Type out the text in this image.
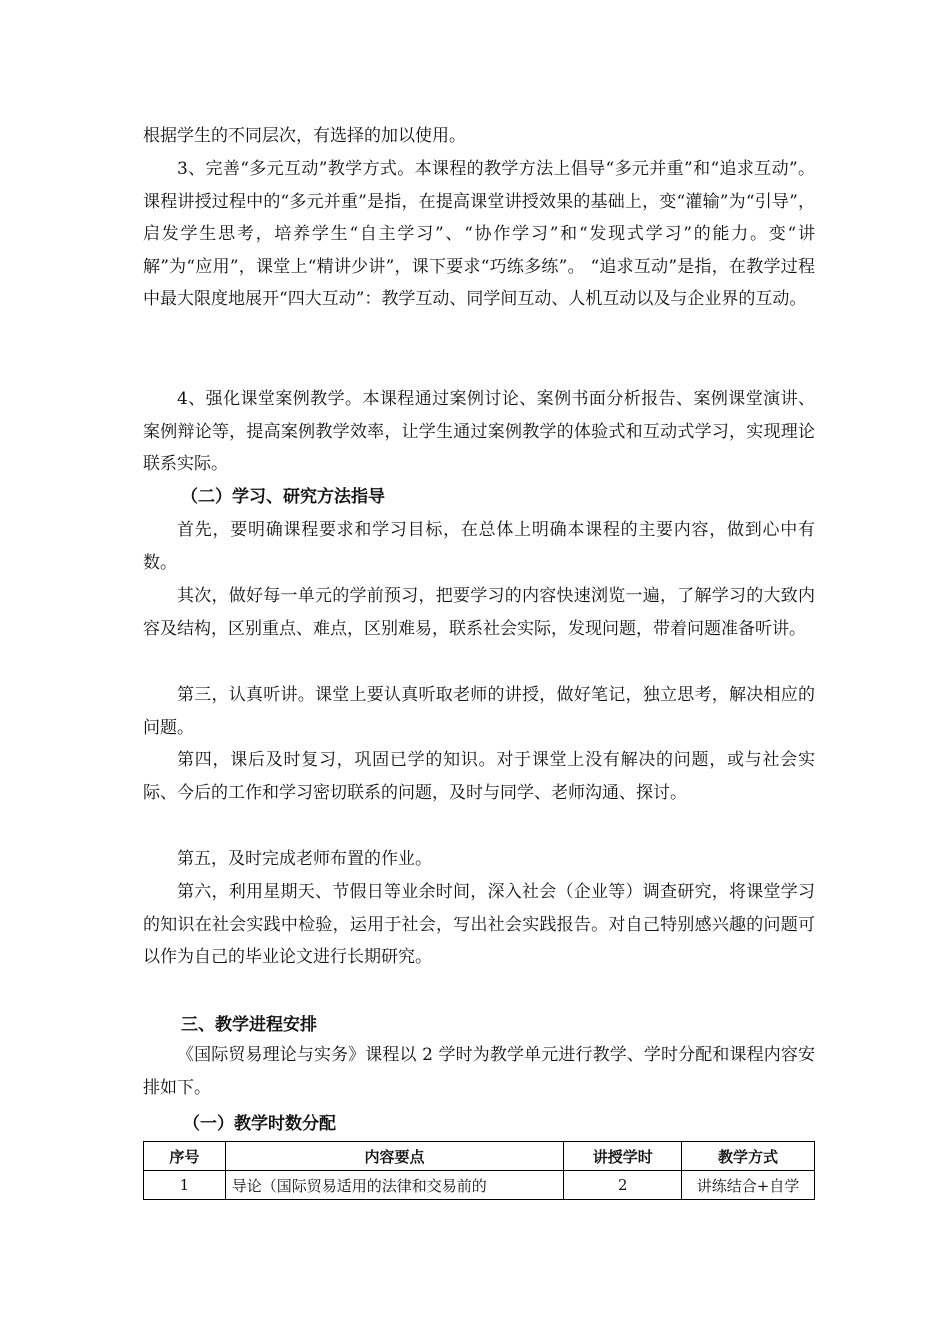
根据学生的不同层次，有选择的加以使用。

3、完善“多元互动”教学方式。本课程的教学方法上倡导“多元并重”和“追求互动”。课程讲授过程中的“多元并重”是指，在提高课堂讲授效果的基础上，变“灌输”为“引导”，启发学生思考，培养学生“自主学习”、“协作学习”和“发现式学习”的能力。变“讲解”为“应用”，课堂上“精讲少讲”，课下要求“巧练多练”。 “追求互动”是指，在教学过程中最大限度地展开“四大互动”：教学互动、同学间互动、人机互动以及与企业界的互动。

4、强化课堂案例教学。本课程通过案例讨论、案例书面分析报告、案例课堂演讲、案例辩论等，提高案例教学效率，让学生通过案例教学的体验式和互动式学习，实现理论联系实际。

（二）学习、研究方法指导

首先，要明确课程要求和学习目标，在总体上明确本课程的主要内容，做到心中有数。

其次，做好每一单元的学前预习，把要学习的内容快速浏览一遍，了解学习的大致内容及结构，区别重点、难点，区别难易，联系社会实际，发现问题，带着问题准备听讲。

第三，认真听讲。课堂上要认真听取老师的讲授，做好笔记，独立思考，解决相应的问题。

第四，课后及时复习，巩固已学的知识。对于课堂上没有解决的问题，或与社会实际、今后的工作和学习密切联系的问题，及时与同学、老师沟通、探讨。

第五，及时完成老师布置的作业。

第六，利用星期天、节假日等业余时间，深入社会（企业等）调查研究，将课堂学习的知识在社会实践中检验，运用于社会，写出社会实践报告。对自己特别感兴趣的问题可以作为自己的毕业论文进行长期研究。

三、教学进程安排

《国际贸易理论与实务》课程以 2 学时为教学单元进行教学、学时分配和课程内容安排如下。

（一）教学时数分配
序号	内容要点	讲授学时	教学方式
1	导论（国际贸易适用的法律和交易前的	2	讲练结合+自学
